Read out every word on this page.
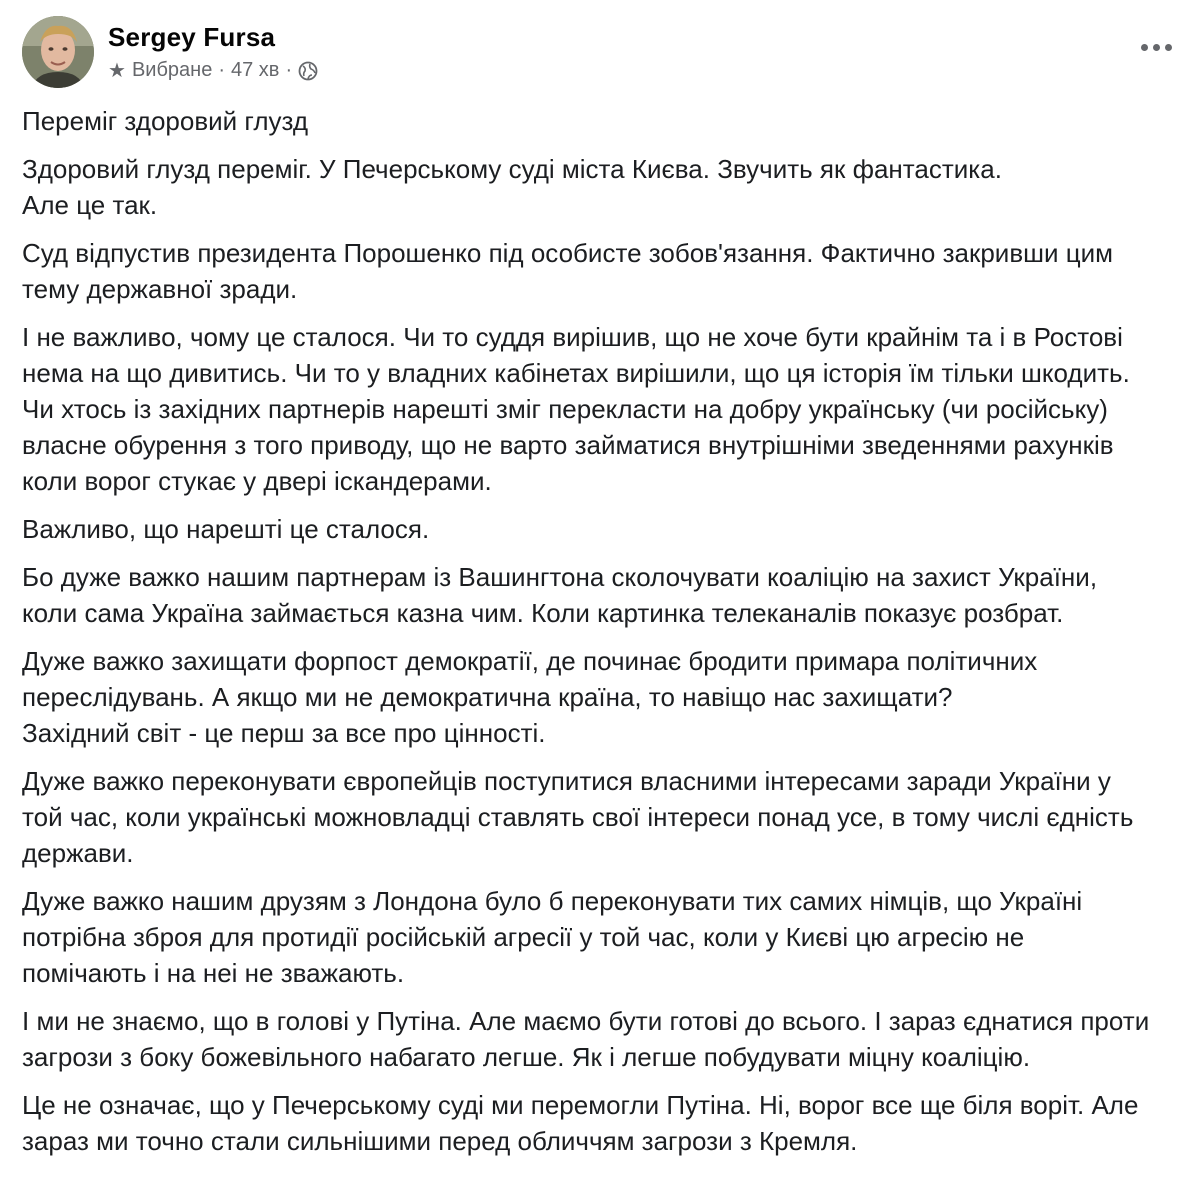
Sergey Fursa
★ Вибране · 47 хв ·

Переміг здоровий глузд

Здоровий глузд переміг. У Печерському суді міста Києва. Звучить як фантастика.
Але це так.

Суд відпустив президента Порошенко під особисте зобов'язання. Фактично закривши цим
тему державної зради.

І не важливо, чому це сталося. Чи то суддя вирішив, що не хоче бути крайнім та і в Ростові
нема на що дивитись. Чи то у владних кабінетах вирішили, що ця історія їм тільки шкодить.
Чи хтось із західних партнерів нарешті зміг перекласти на добру українську (чи російську)
власне обурення з того приводу, що не варто займатися внутрішніми зведеннями рахунків
коли ворог стукає у двері іскандерами.

Важливо, що нарешті це сталося.

Бо дуже важко нашим партнерам із Вашингтона сколочувати коаліцію на захист України,
коли сама Україна займається казна чим. Коли картинка телеканалів показує розбрат.

Дуже важко захищати форпост демократії, де починає бродити примара політичних
переслідувань. А якщо ми не демократична країна, то навіщо нас захищати?
Західний світ - це перш за все про цінності.

Дуже важко переконувати європейців поступитися власними інтересами заради України у
той час, коли українські можновладці ставлять свої інтереси понад усе, в тому числі єдність
держави.

Дуже важко нашим друзям з Лондона було б переконувати тих самих німців, що Україні
потрібна зброя для протидії російській агресії у той час, коли у Києві цю агресію не
помічають і на неі не зважають.

І ми не знаємо, що в голові у Путіна. Але маємо бути готові до всього. І зараз єднатися проти
загрози з боку божевільного набагато легше. Як і легше побудувати міцну коаліцію.

Це не означає, що у Печерському суді ми перемогли Путіна. Ні, ворог все ще біля воріт. Але
зараз ми точно стали сильнішими перед обличчям загрози з Кремля.
